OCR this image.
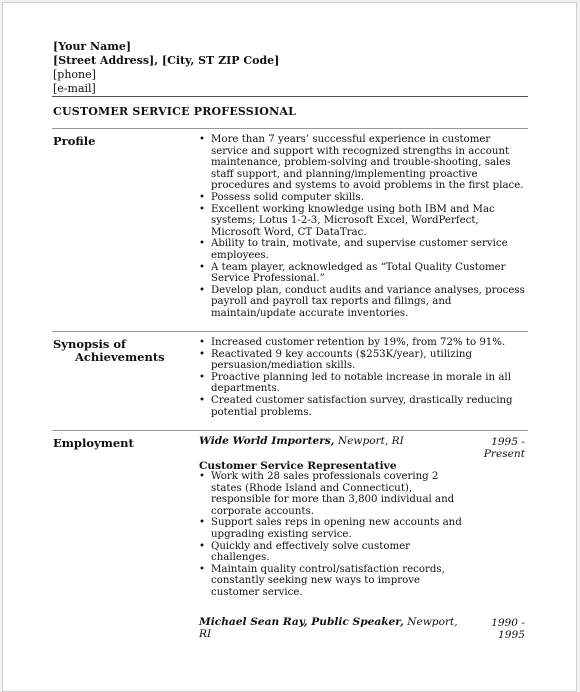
[Your Name]
[Street Address], [City, ST ZIP Code]
[phone]
[e-mail]
CUSTOMER SERVICE PROFESSIONAL
Profile
•	More than 7 years’ successful experience in customer service and support with recognized strengths in account maintenance, problem-solving and trouble-shooting, sales staff support, and planning/implementing proactive procedures and systems to avoid problems in the first place.
• Possess solid computer skills.
• Excellent working knowledge using both IBM and Mac systems; Lotus 1-2-3, Microsoft Excel, WordPerfect, Microsoft Word, CT DataTrac.
• Ability to train, motivate, and supervise customer service employees.
• A team player, acknowledged as “Total Quality Customer Service Professional.”
• Develop plan, conduct audits and variance analyses, process payroll and payroll tax reports and filings, and maintain/update accurate inventories.
Synopsis of
Achievements
• Increased customer retention by 19%, from 72% to 91%.
• Reactivated 9 key accounts ($253K/year), utilizing persuasion/mediation skills.
• Proactive planning led to notable increase in morale in all departments.
• Created customer satisfaction survey, drastically reducing potential problems.
Employment	Wide World Importers, Newport, RI	1995 -
Present
Customer Service Representative
• Work with 28 sales professionals covering 2 states (Rhode Island and Connecticut), responsible for more than 3,800 individual and corporate accounts.
• Support sales reps in opening new accounts and upgrading existing service.
• Quickly and effectively solve customer challenges.
• Maintain quality control/satisfaction records, constantly seeking new ways to improve customer service.
Michael Sean Ray, Public Speaker, Newport, RI
1990 -
1995
